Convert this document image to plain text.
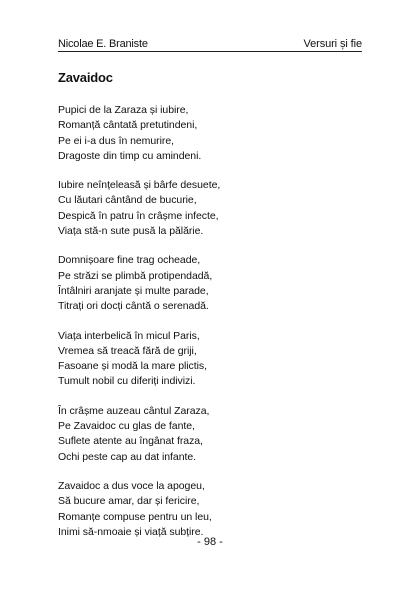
Nicolae E. Braniste	Versuri și fie
Zavaidoc
Pupici de la Zaraza și iubire,
Romanță cântată pretutindeni,
Pe ei i-a dus în nemurire,
Dragoste din timp cu amindeni.
Iubire neînțeleasă și bârfe desuete,
Cu lăutari cântând de bucurie,
Despică în patru în crâșme infecte,
Viața stă-n sute pusă la pălărie.
Domnișoare fine trag ocheade,
Pe străzi se plimbă protipendadă,
Întâlniri aranjate și multe parade,
Titrați ori docți cântă o serenadă.
Viața interbelică în micul Paris,
Vremea să treacă fără de griji,
Fasoane și modă la mare plictis,
Tumult nobil cu diferiți indivizi.
În crâșme auzeau cântul Zaraza,
Pe Zavaidoc cu glas de fante,
Suflete atente au îngânat fraza,
Ochi peste cap au dat infante.
Zavaidoc a dus voce la apogeu,
Să bucure amar, dar și fericire,
Romanțe compuse pentru un leu,
Inimi să-nmoaie și viață subțire.
- 98 -
